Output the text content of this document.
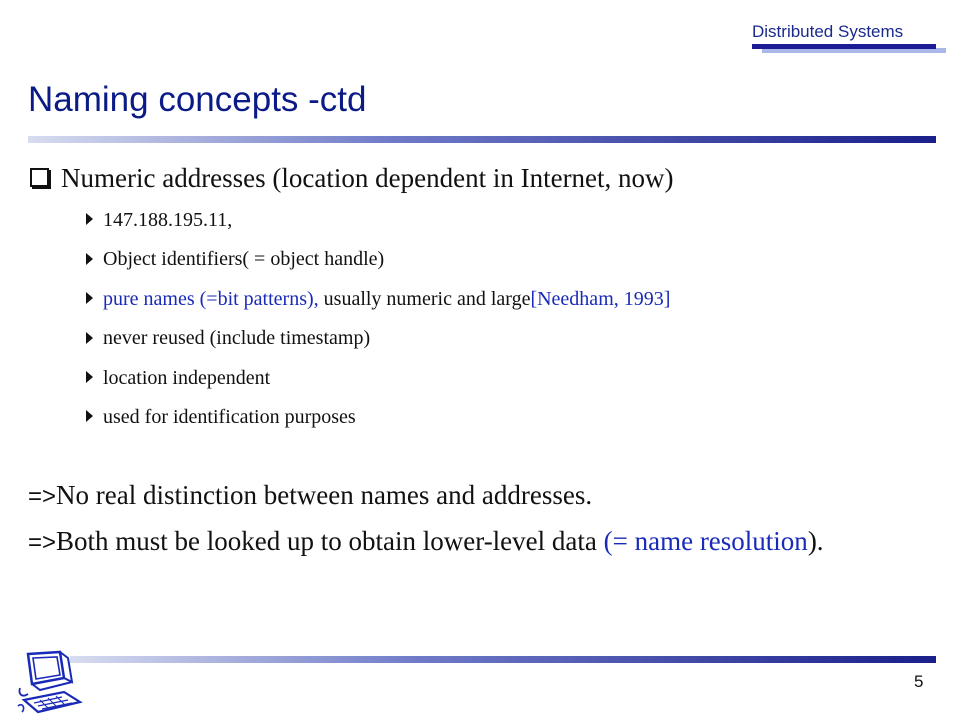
Distributed Systems
Naming concepts -ctd
Numeric addresses (location dependent in Internet, now)
147.188.195.11,
Object identifiers( = object handle)
pure names (=bit patterns), usually numeric and large[Needham, 1993]
never reused (include timestamp)
location independent
used for identification purposes
=>No real distinction between names and addresses.
=>Both must be looked up to obtain lower-level data (= name resolution).
5
